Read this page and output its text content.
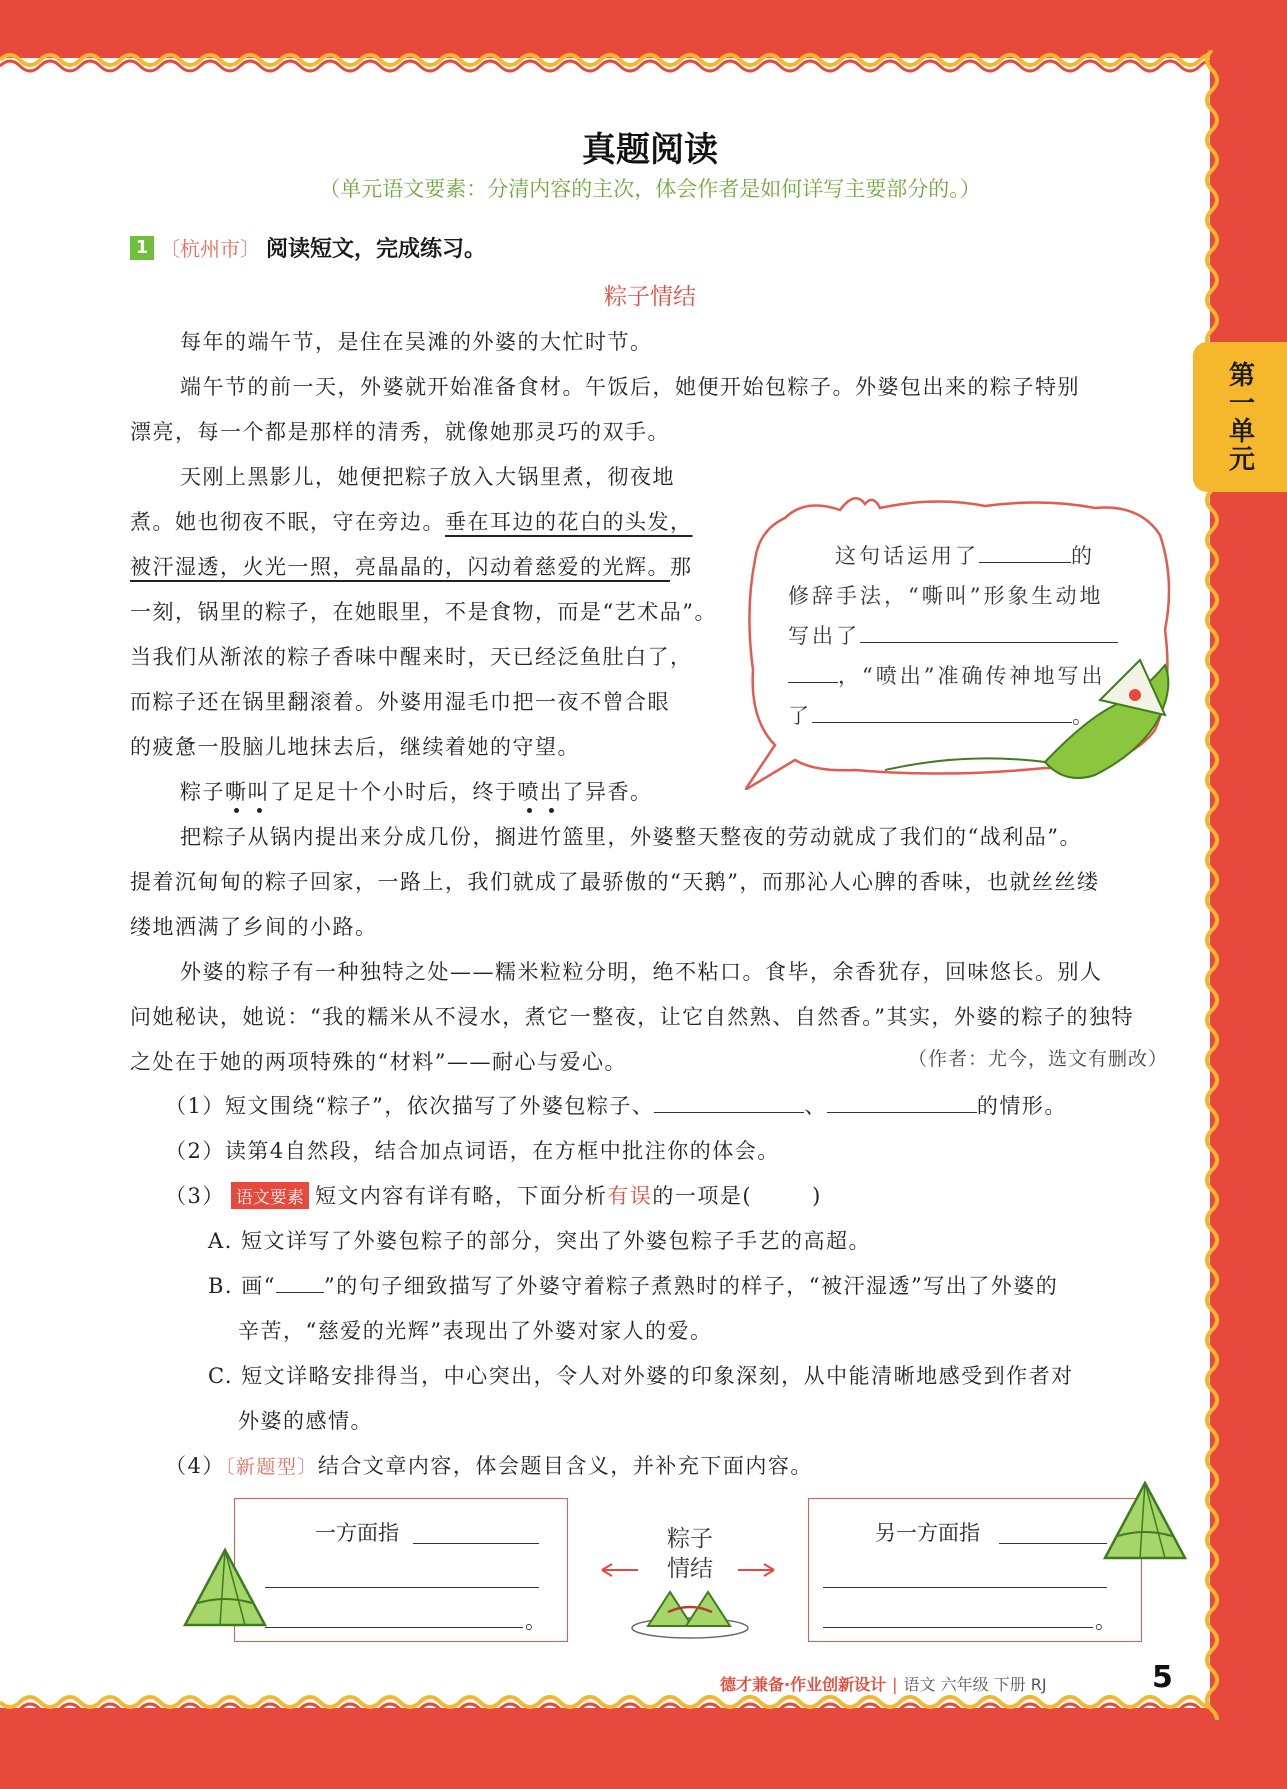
第一单元
真题阅读
（单元语文要素：分清内容的主次，体会作者是如何详写主要部分的。）
1 〔杭州市〕 阅读短文，完成练习。
粽子情结
每年的端午节，是住在吴滩的外婆的大忙时节。
端午节的前一天，外婆就开始准备食材。午饭后，她便开始包粽子。外婆包出来的粽子特别
漂亮，每一个都是那样的清秀，就像她那灵巧的双手。
天刚上黑影儿，她便把粽子放入大锅里煮，彻夜地
煮。她也彻夜不眠，守在旁边。垂在耳边的花白的头发，
被汗湿透，火光一照，亮晶晶的，闪动着慈爱的光辉。那
一刻，锅里的粽子，在她眼里，不是食物，而是“艺术品”。
当我们从渐浓的粽子香味中醒来时，天已经泛鱼肚白了，
而粽子还在锅里翻滚着。外婆用湿毛巾把一夜不曾合眼
的疲惫一股脑儿地抹去后，继续着她的守望。
粽子嘶叫了足足十个小时后，终于喷出了异香。
把粽子从锅内提出来分成几份，搁进竹篮里，外婆整天整夜的劳动就成了我们的“战利品”。
提着沉甸甸的粽子回家，一路上，我们就成了最骄傲的“天鹅”，而那沁人心脾的香味，也就丝丝缕
缕地洒满了乡间的小路。
外婆的粽子有一种独特之处——糯米粒粒分明，绝不粘口。食毕，余香犹存，回味悠长。别人
问她秘诀，她说：“我的糯米从不浸水，煮它一整夜，让它自然熟、自然香。”其实，外婆的粽子的独特
之处在于她的两项特殊的“材料”——耐心与爱心。	（作者：尤今，选文有删改）
这句话运用了	的
修辞手法，“嘶叫”形象生动地
写出了
，“喷出”准确传神地写出
了	。
（1）短文围绕“粽子”，依次描写了外婆包粽子、	、	的情形。
（2）读第4自然段，结合加点词语，在方框中批注你的体会。
（3） 语文要素 短文内容有详有略，下面分析有误的一项是(	)
A. 短文详写了外婆包粽子的部分，突出了外婆包粽子手艺的高超。
B. 画“ ”的句子细致描写了外婆守着粽子煮熟时的样子，“被汗湿透”写出了外婆的
辛苦，“慈爱的光辉”表现出了外婆对家人的爱。
C. 短文详略安排得当，中心突出，令人对外婆的印象深刻，从中能清晰地感受到作者对
外婆的感情。
（4）〔新题型〕结合文章内容，体会题目含义，并补充下面内容。
一方面指
。
另一方面指
。
粽子
情结
德才兼备·作业创新设计 | 语文 六年级 下册 RJ	5
